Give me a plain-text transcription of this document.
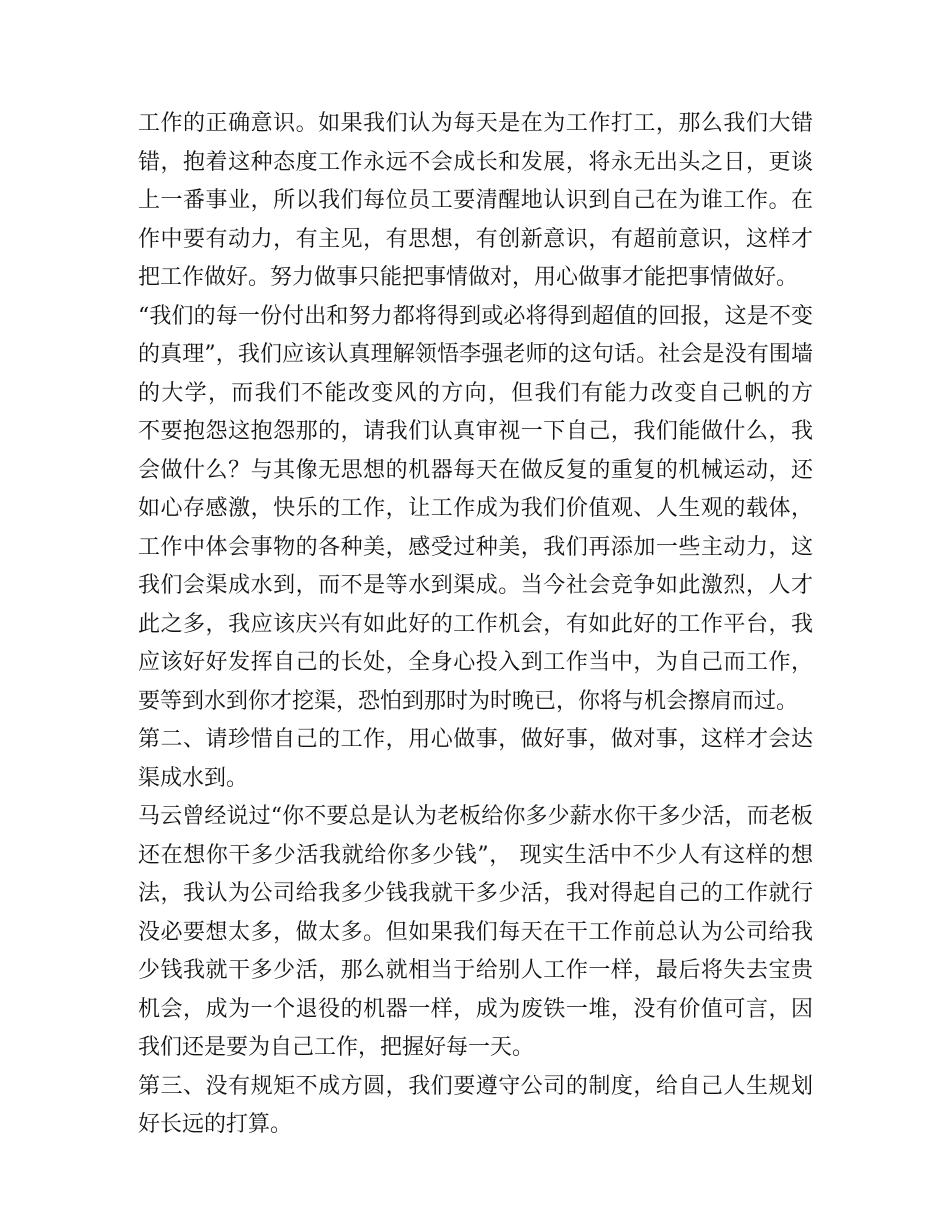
工作的正确意识。如果我们认为每天是在为工作打工，那么我们大错
错，抱着这种态度工作永远不会成长和发展，将永无出头之日，更谈
上一番事业，所以我们每位员工要清醒地认识到自己在为谁工作。在
作中要有动力，有主见，有思想，有创新意识，有超前意识，这样才
把工作做好。努力做事只能把事情做对，用心做事才能把事情做好。
“我们的每一份付出和努力都将得到或必将得到超值的回报，这是不变
的真理”，我们应该认真理解领悟李强老师的这句话。社会是没有围墙
的大学，而我们不能改变风的方向，但我们有能力改变自己帆的方
不要抱怨这抱怨那的，请我们认真审视一下自己，我们能做什么，我
会做什么？与其像无思想的机器每天在做反复的重复的机械运动，还
如心存感激，快乐的工作，让工作成为我们价值观、人生观的载体，
工作中体会事物的各种美，感受过种美，我们再添加一些主动力，这
我们会渠成水到，而不是等水到渠成。当今社会竞争如此激烈，人才
此之多，我应该庆兴有如此好的工作机会，有如此好的工作平台，我
应该好好发挥自己的长处，全身心投入到工作当中，为自己而工作，
要等到水到你才挖渠，恐怕到那时为时晚已，你将与机会擦肩而过。
第二、请珍惜自己的工作，用心做事，做好事，做对事，这样才会达
渠成水到。
马云曾经说过“你不要总是认为老板给你多少薪水你干多少活，而老板
还在想你干多少活我就给你多少钱”， 现实生活中不少人有这样的想
法，我认为公司给我多少钱我就干多少活，我对得起自己的工作就行
没必要想太多，做太多。但如果我们每天在干工作前总认为公司给我
少钱我就干多少活，那么就相当于给别人工作一样，最后将失去宝贵
机会，成为一个退役的机器一样，成为废铁一堆，没有价值可言，因
我们还是要为自己工作，把握好每一天。
第三、没有规矩不成方圆，我们要遵守公司的制度，给自己人生规划
好长远的打算。
